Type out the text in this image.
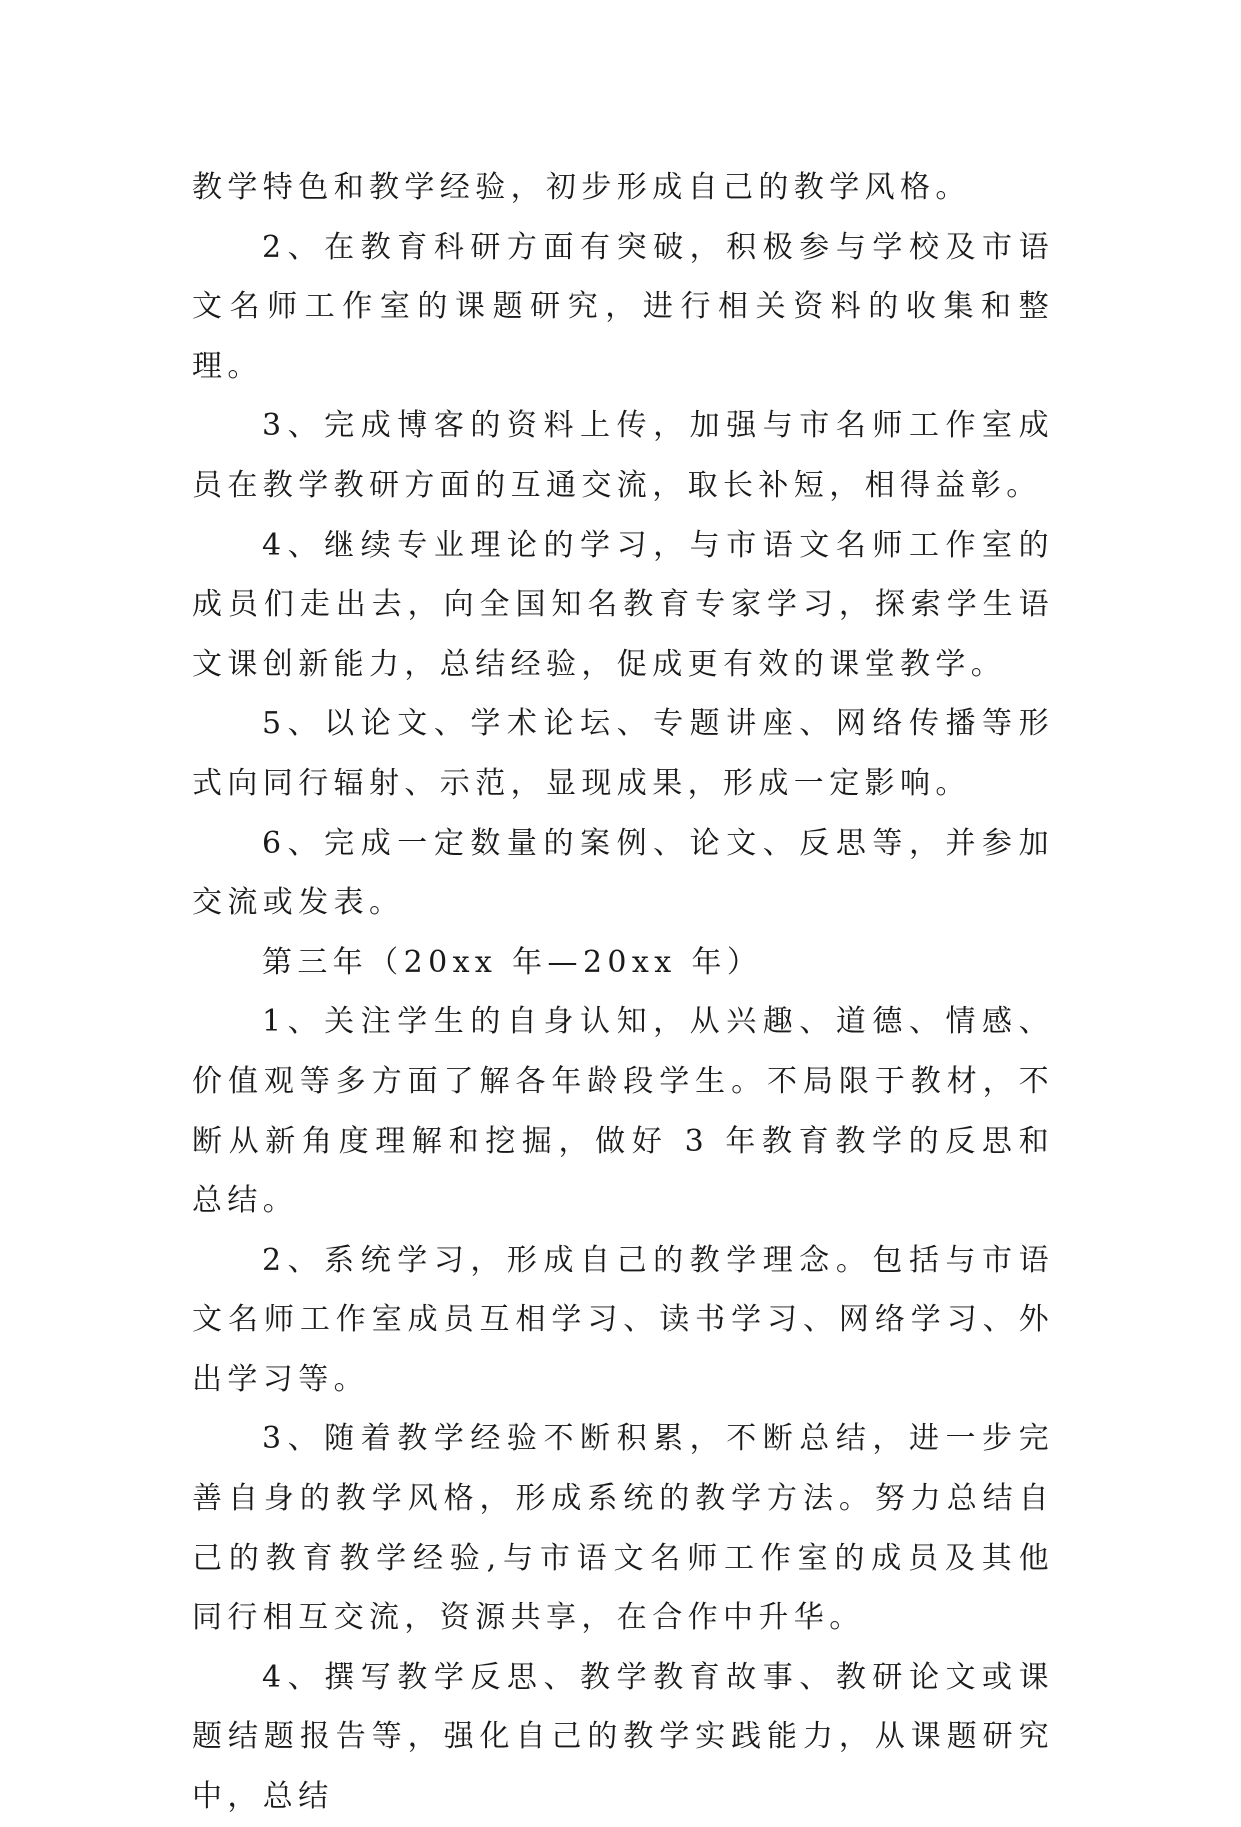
教学特色和教学经验，初步形成自己的教学风格。

2、在教育科研方面有突破，积极参与学校及市语文名师工作室的课题研究，进行相关资料的收集和整理。

3、完成博客的资料上传，加强与市名师工作室成员在教学教研方面的互通交流，取长补短，相得益彰。

4、继续专业理论的学习，与市语文名师工作室的成员们走出去，向全国知名教育专家学习，探索学生语文课创新能力，总结经验，促成更有效的课堂教学。

5、以论文、学术论坛、专题讲座、网络传播等形式向同行辐射、示范，显现成果，形成一定影响。

6、完成一定数量的案例、论文、反思等，并参加交流或发表。

第三年（20xx 年—20xx 年）

1、关注学生的自身认知，从兴趣、道德、情感、价值观等多方面了解各年龄段学生。不局限于教材，不断从新角度理解和挖掘，做好 3 年教育教学的反思和总结。

2、系统学习，形成自己的教学理念。包括与市语文名师工作室成员互相学习、读书学习、网络学习、外出学习等。

3、随着教学经验不断积累，不断总结，进一步完善自身的教学风格，形成系统的教学方法。努力总结自己的教育教学经验,与市语文名师工作室的成员及其他同行相互交流，资源共享，在合作中升华。

4、撰写教学反思、教学教育故事、教研论文或课题结题报告等，强化自己的教学实践能力，从课题研究中，总结
